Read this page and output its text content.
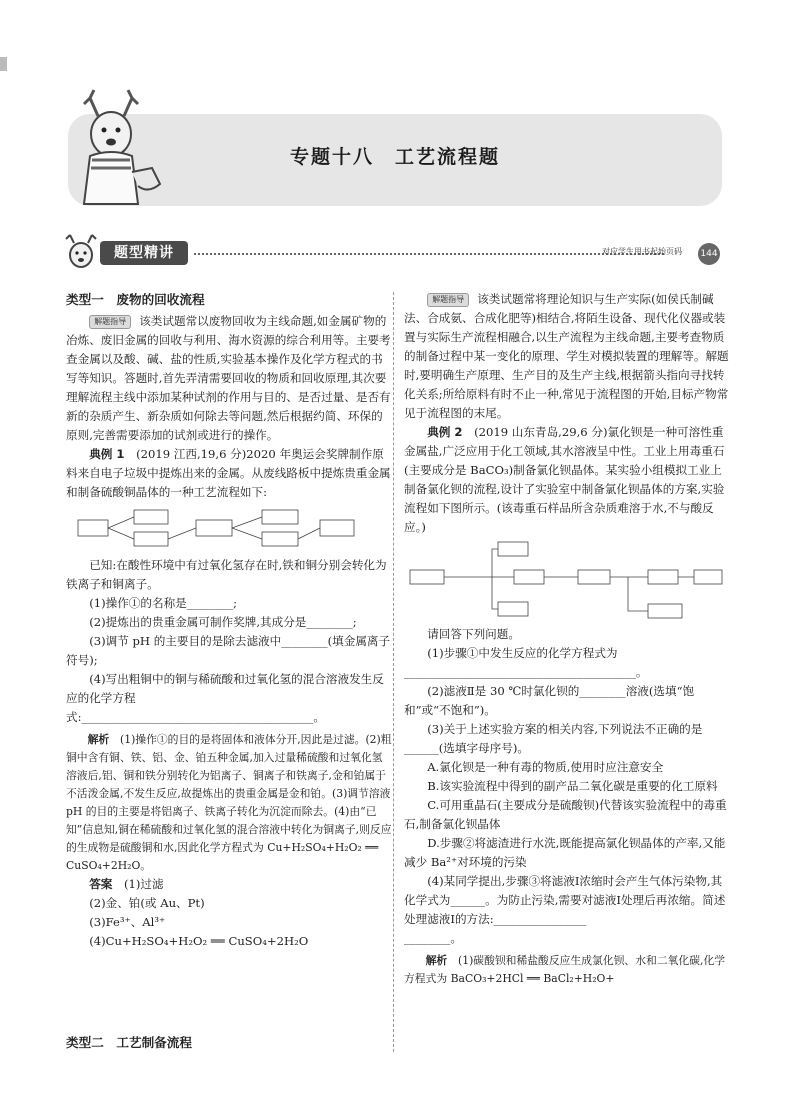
专题十八　工艺流程题
题型精讲	对应学生用书起始页码 144

类型一　废物的回收流程

解题指导 该类试题常以废物回收为主线命题,如金属矿物的冶炼、废旧金属的回收与利用、海水资源的综合利用等。主要考查金属以及酸、碱、盐的性质,实验基本操作及化学方程式的书写等知识。答题时,首先弄清需要回收的物质和回收原理,其次要理解流程主线中添加某种试剂的作用与目的、是否过量、是否有新的杂质产生、新杂质如何除去等问题,然后根据约简、环保的原则,完善需要添加的试剂或进行的操作。

典例 1　 (2019 江西,19,6 分)2020 年奥运会奖牌制作原料来自电子垃圾中提炼出来的金属。从废线路板中提炼贵重金属和制备硫酸铜晶体的一种工艺流程如下:

已知:在酸性环境中有过氧化氢存在时,铁和铜分别会转化为铁离子和铜离子。

(1)操作①的名称是________;

(2)提炼出的贵重金属可制作奖牌,其成分是________;

(3)调节 pH 的主要目的是除去滤液中________(填金属离子符号);

(4)写出粗铜中的铜与稀硫酸和过氧化氢的混合溶液发生反应的化学方程式:________________________________________。

解析　 (1)操作①的目的是将固体和液体分开,因此是过滤。(2)粗铜中含有铜、铁、铝、金、铂五种金属,加入过量稀硫酸和过氧化氢溶液后,铝、铜和铁分别转化为铝离子、铜离子和铁离子,金和铂属于不活泼金属,不发生反应,故提炼出的贵重金属是金和铂。(3)调节溶液 pH 的目的主要是将铝离子、铁离子转化为沉淀而除去。(4)由“已知”信息知,铜在稀硫酸和过氧化氢的混合溶液中转化为铜离子,则反应的生成物是硫酸铜和水,因此化学方程式为 Cu+H₂SO₄+H₂O₂ ══ CuSO₄+2H₂O。

答案　 (1)过滤

(2)金、铂(或 Au、Pt)

(3)Fe³⁺、Al³⁺

(4)Cu+H₂SO₄+H₂O₂ ══ CuSO₄+2H₂O

类型二　工艺制备流程

解题指导 该类试题常将理论知识与生产实际(如侯氏制碱法、合成氨、合成化肥等)相结合,将陌生设备、现代化仪器或装置与实际生产流程相融合,以生产流程为主线命题,主要考查物质的制备过程中某一变化的原理、学生对模拟装置的理解等。解题时,要明确生产原理、生产目的及生产主线,根据箭头指向寻找转化关系;所给原料有时不止一种,常见于流程图的开始,目标产物常见于流程图的末尾。

典例 2　 (2019 山东青岛,29,6 分)氯化钡是一种可溶性重金属盐,广泛应用于化工领域,其水溶液呈中性。工业上用毒重石(主要成分是 BaCO₃)制备氯化钡晶体。某实验小组模拟工业上制备氯化钡的流程,设计了实验室中制备氯化钡晶体的方案,实验流程如下图所示。(该毒重石样品所含杂质难溶于水,不与酸反应。)

请回答下列问题。

(1)步骤①中发生反应的化学方程式为________________________________________。

(2)滤液Ⅱ是 30 ℃时氯化钡的________溶液(选填“饱和”或“不饱和”)。

(3)关于上述实验方案的相关内容,下列说法不正确的是______(选填字母序号)。

A.氯化钡是一种有毒的物质,使用时应注意安全

B.该实验流程中得到的副产品二氧化碳是重要的化工原料

C.可用重晶石(主要成分是硫酸钡)代替该实验流程中的毒重石,制备氯化钡晶体

D.步骤②将滤渣进行水洗,既能提高氯化钡晶体的产率,又能减少 Ba²⁺对环境的污染

(4)某同学提出,步骤③将滤液Ⅰ浓缩时会产生气体污染物,其化学式为______。为防止污染,需要对滤液Ⅰ处理后再浓缩。简述处理滤液Ⅰ的方法:________________

________。

解析　 (1)碳酸钡和稀盐酸反应生成氯化钡、水和二氧化碳,化学方程式为 BaCO₃+2HCl ══ BaCl₂+H₂O+
